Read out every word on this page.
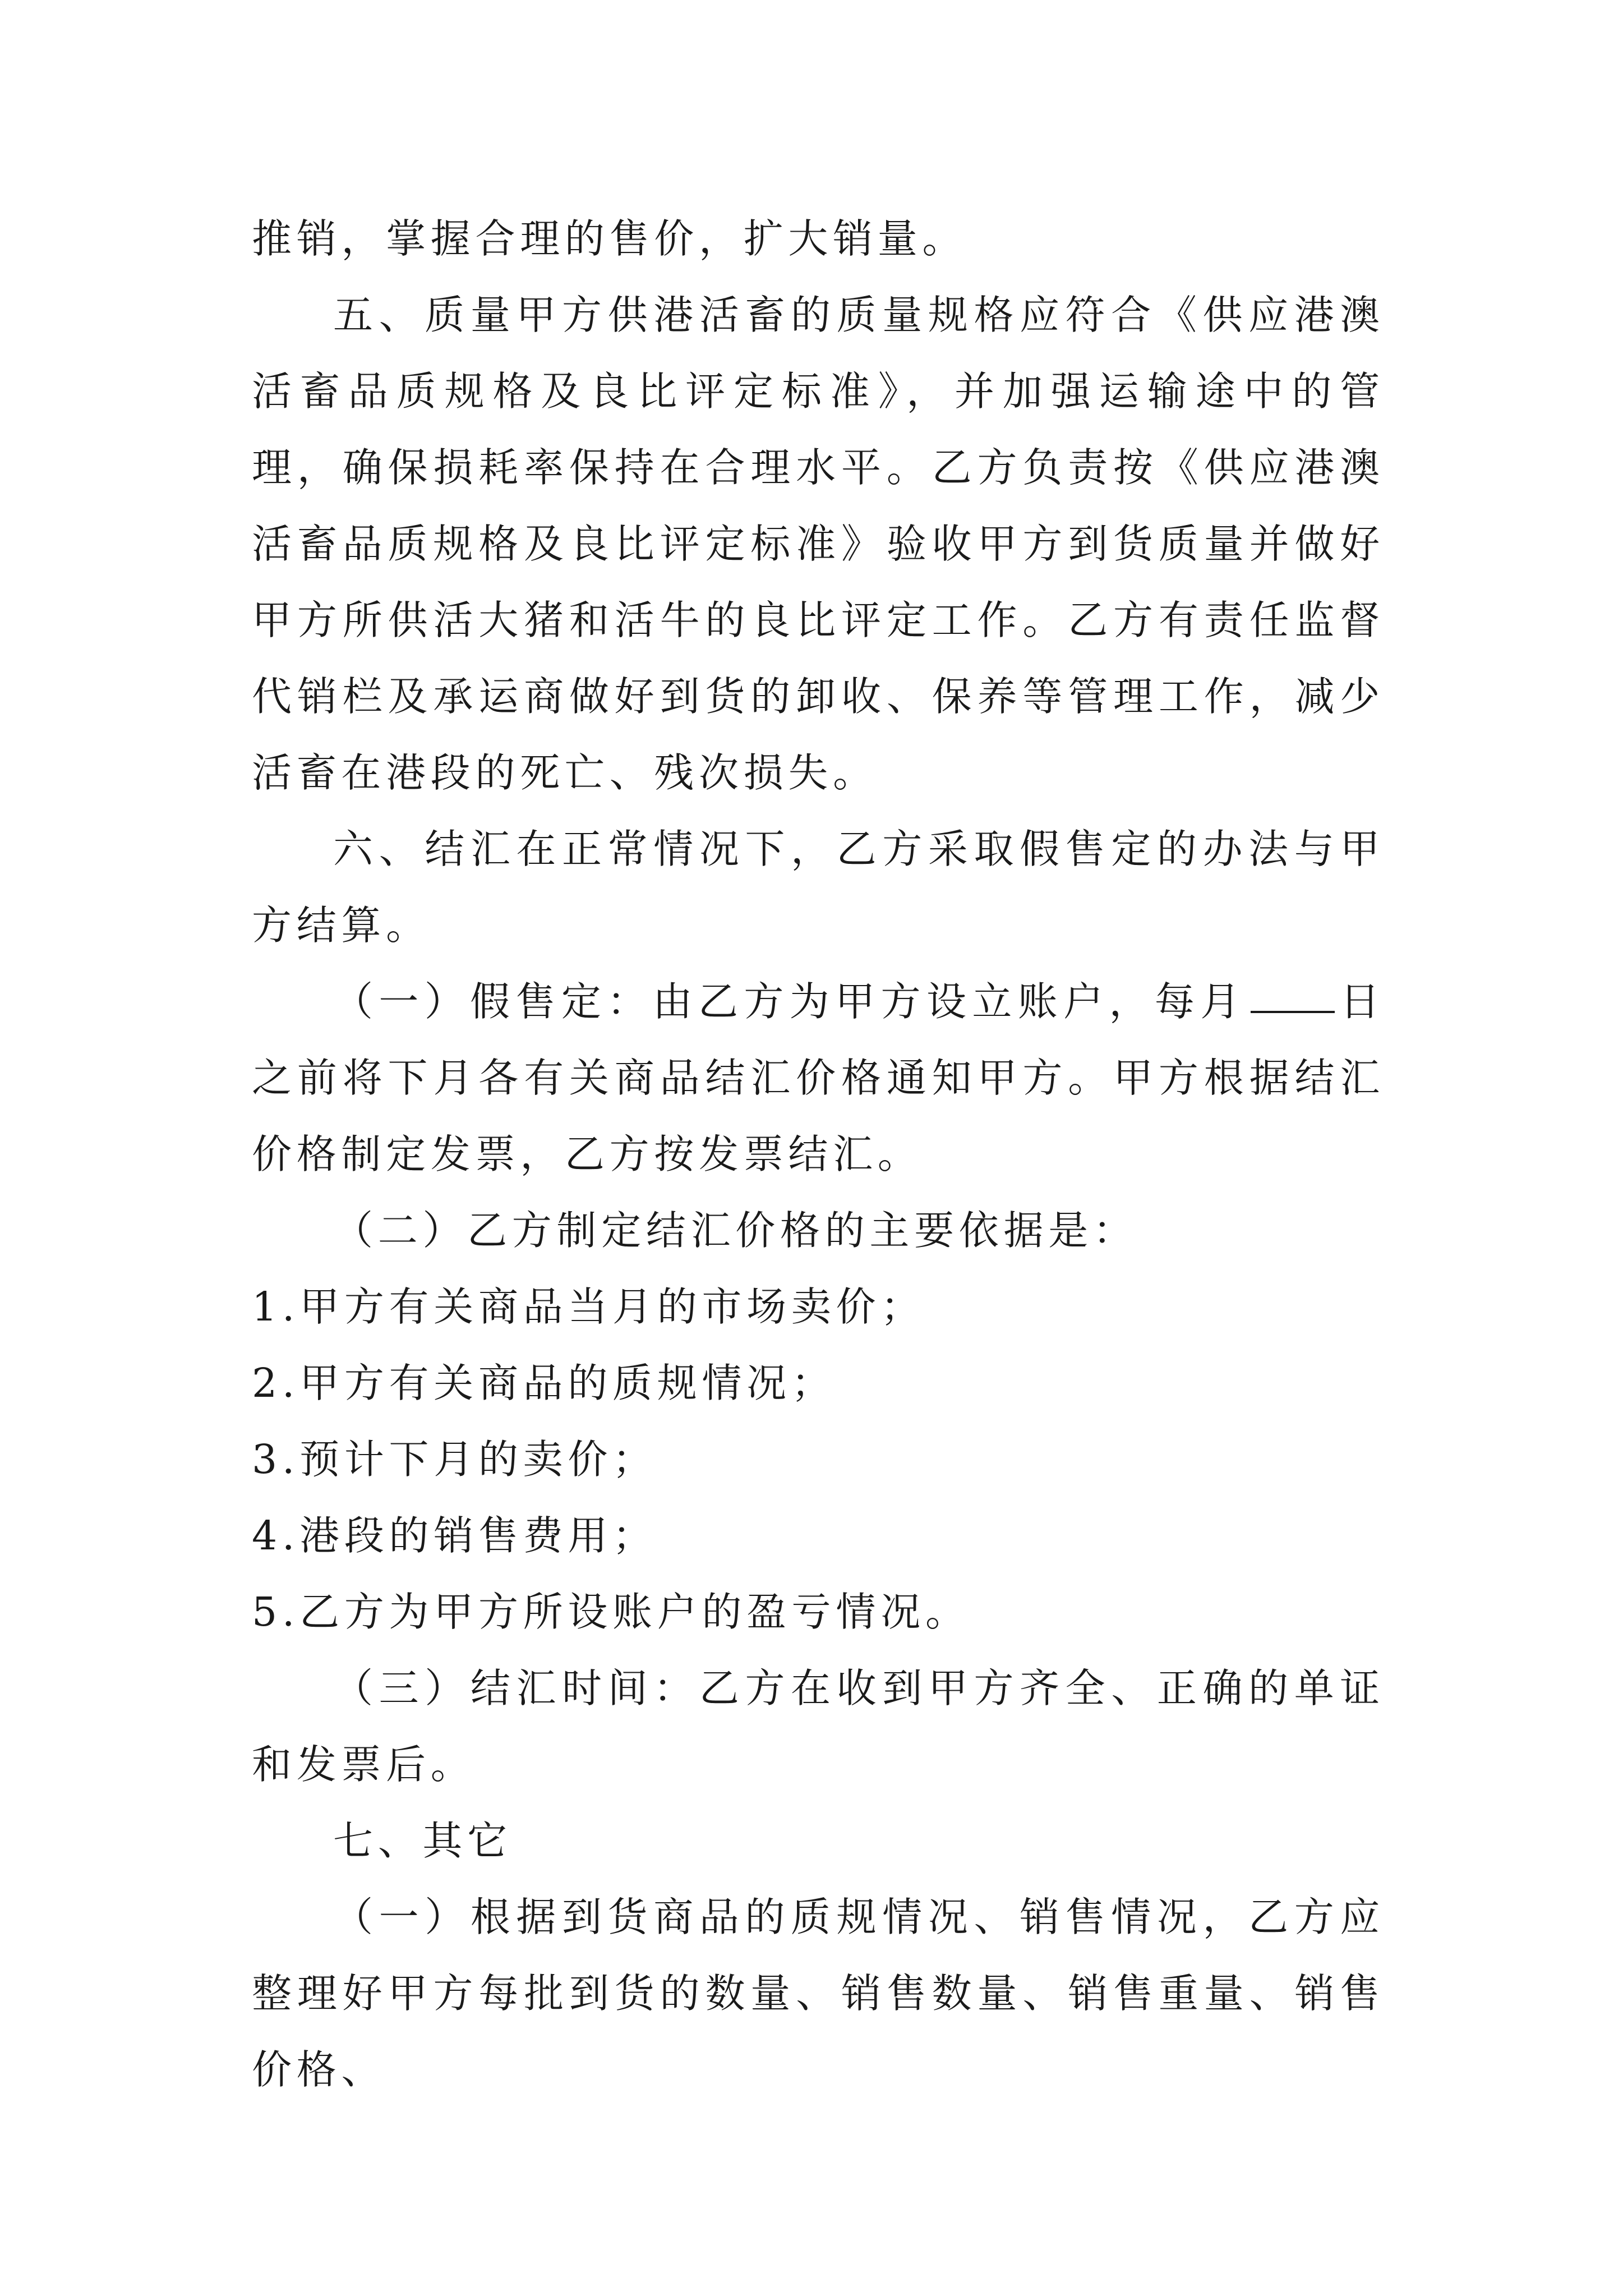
推销，掌握合理的售价，扩大销量。

五、质量甲方供港活畜的质量规格应符合《供应港澳活畜品质规格及良比评定标准》，并加强运输途中的管理，确保损耗率保持在合理水平。乙方负责按《供应港澳活畜品质规格及良比评定标准》验收甲方到货质量并做好甲方所供活大猪和活牛的良比评定工作。乙方有责任监督代销栏及承运商做好到货的卸收、保养等管理工作，减少活畜在港段的死亡、残次损失。

六、结汇在正常情况下，乙方采取假售定的办法与甲方结算。

（一）假售定：由乙方为甲方设立账户，每月 日之前将下月各有关商品结汇价格通知甲方。甲方根据结汇价格制定发票，乙方按发票结汇。

（二）乙方制定结汇价格的主要依据是：

1.甲方有关商品当月的市场卖价；

2.甲方有关商品的质规情况；

3.预计下月的卖价；

4.港段的销售费用；

5.乙方为甲方所设账户的盈亏情况。

（三）结汇时间：乙方在收到甲方齐全、正确的单证和发票后。

七、其它

（一）根据到货商品的质规情况、销售情况，乙方应整理好甲方每批到货的数量、销售数量、销售重量、销售价格、
